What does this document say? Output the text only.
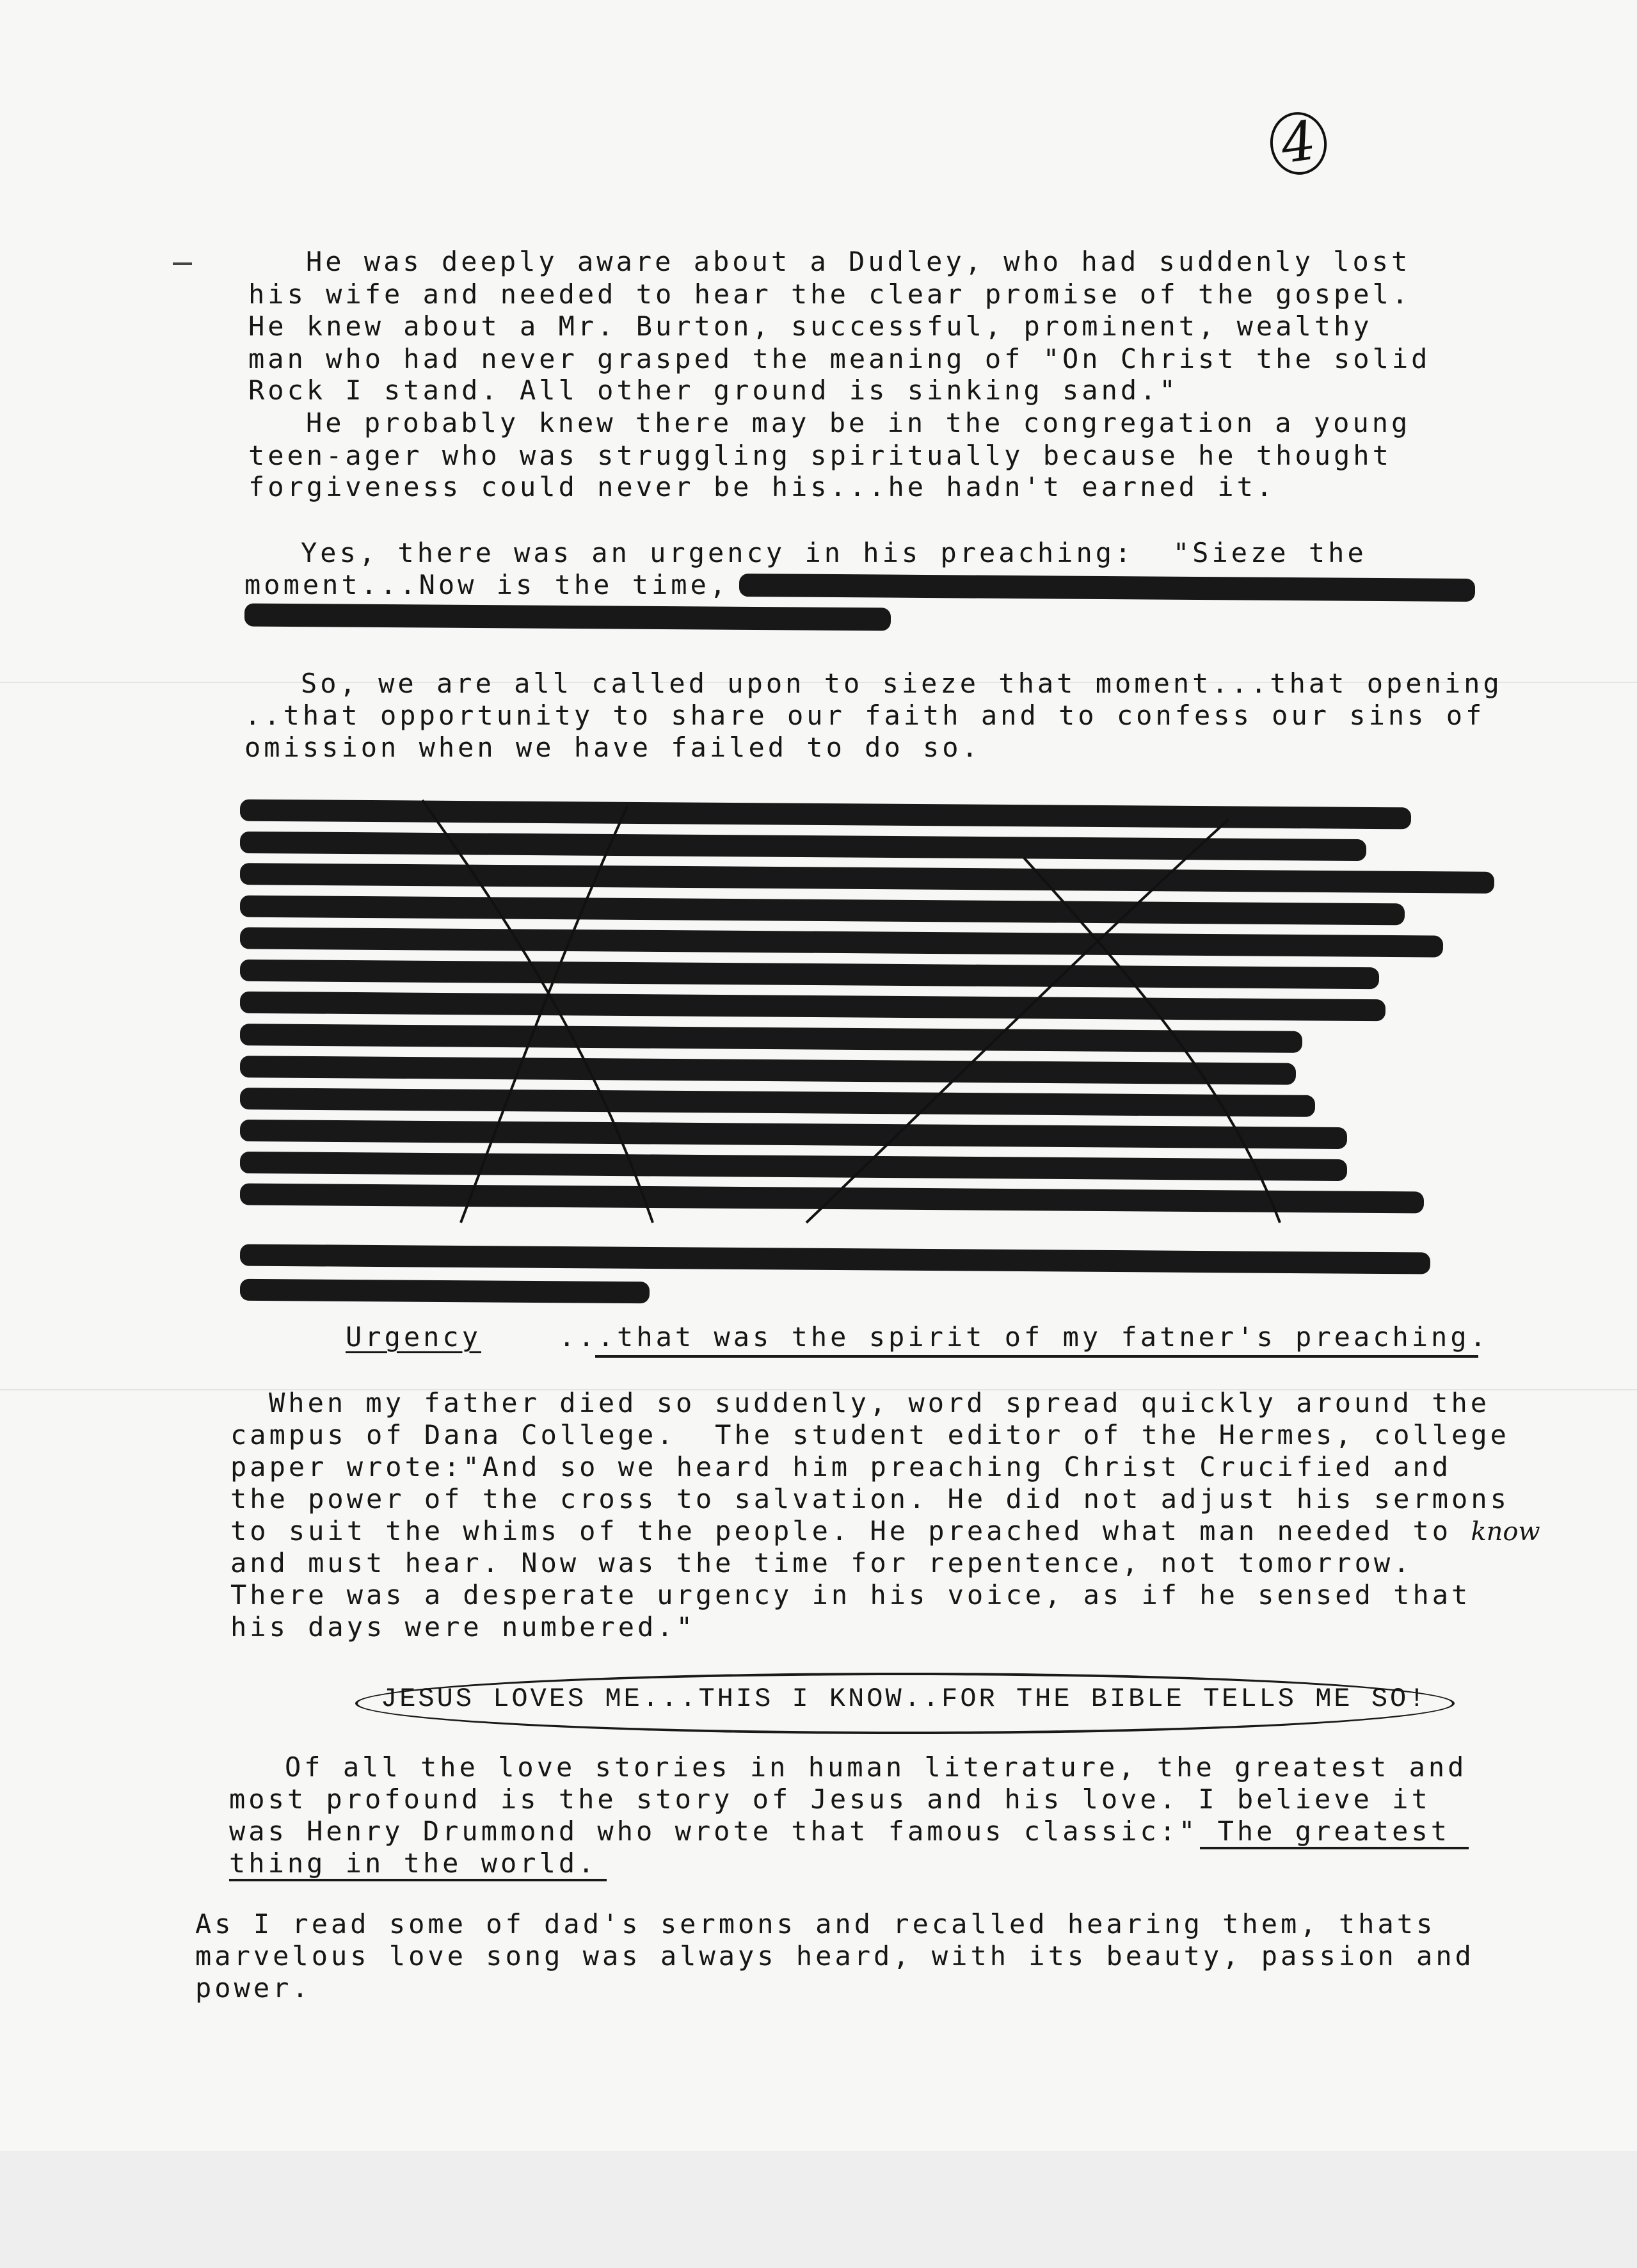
4
He was deeply aware about a Dudley, who had suddenly lost
his wife and needed to hear the clear promise of the gospel.
He knew about a Mr. Burton, successful, prominent, wealthy
man who had never grasped the meaning of "On Christ the solid
Rock I stand. All other ground is sinking sand."
He probably knew there may be in the congregation a young
teen-ager who was struggling spiritually because he thought
forgiveness could never be his...he hadn't earned it.
Yes, there was an urgency in his preaching:  "Sieze the
moment...Now is the time,
So, we are all called upon to sieze that moment...that opening
..that opportunity to share our faith and to confess our sins of
omission when we have failed to do so.
Urgency	...that was the spirit of my fatner's preaching.
When my father died so suddenly, word spread quickly around the
campus of Dana College.  The student editor of the Hermes, college
paper wrote:"And so we heard him preaching Christ Crucified and
the power of the cross to salvation. He did not adjust his sermons
to suit the whims of the people. He preached what man needed to know
and must hear. Now was the time for repentence, not tomorrow.
There was a desperate urgency in his voice, as if he sensed that
his days were numbered."
JESUS LOVES ME...THIS I KNOW..FOR THE BIBLE TELLS ME SO!
Of all the love stories in human literature, the greatest and
most profound is the story of Jesus and his love. I believe it
was Henry Drummond who wrote that famous classic:" The greatest
thing in the world.
As I read some of dad's sermons and recalled hearing them, thats
marvelous love song was always heard, with its beauty, passion and
power.
